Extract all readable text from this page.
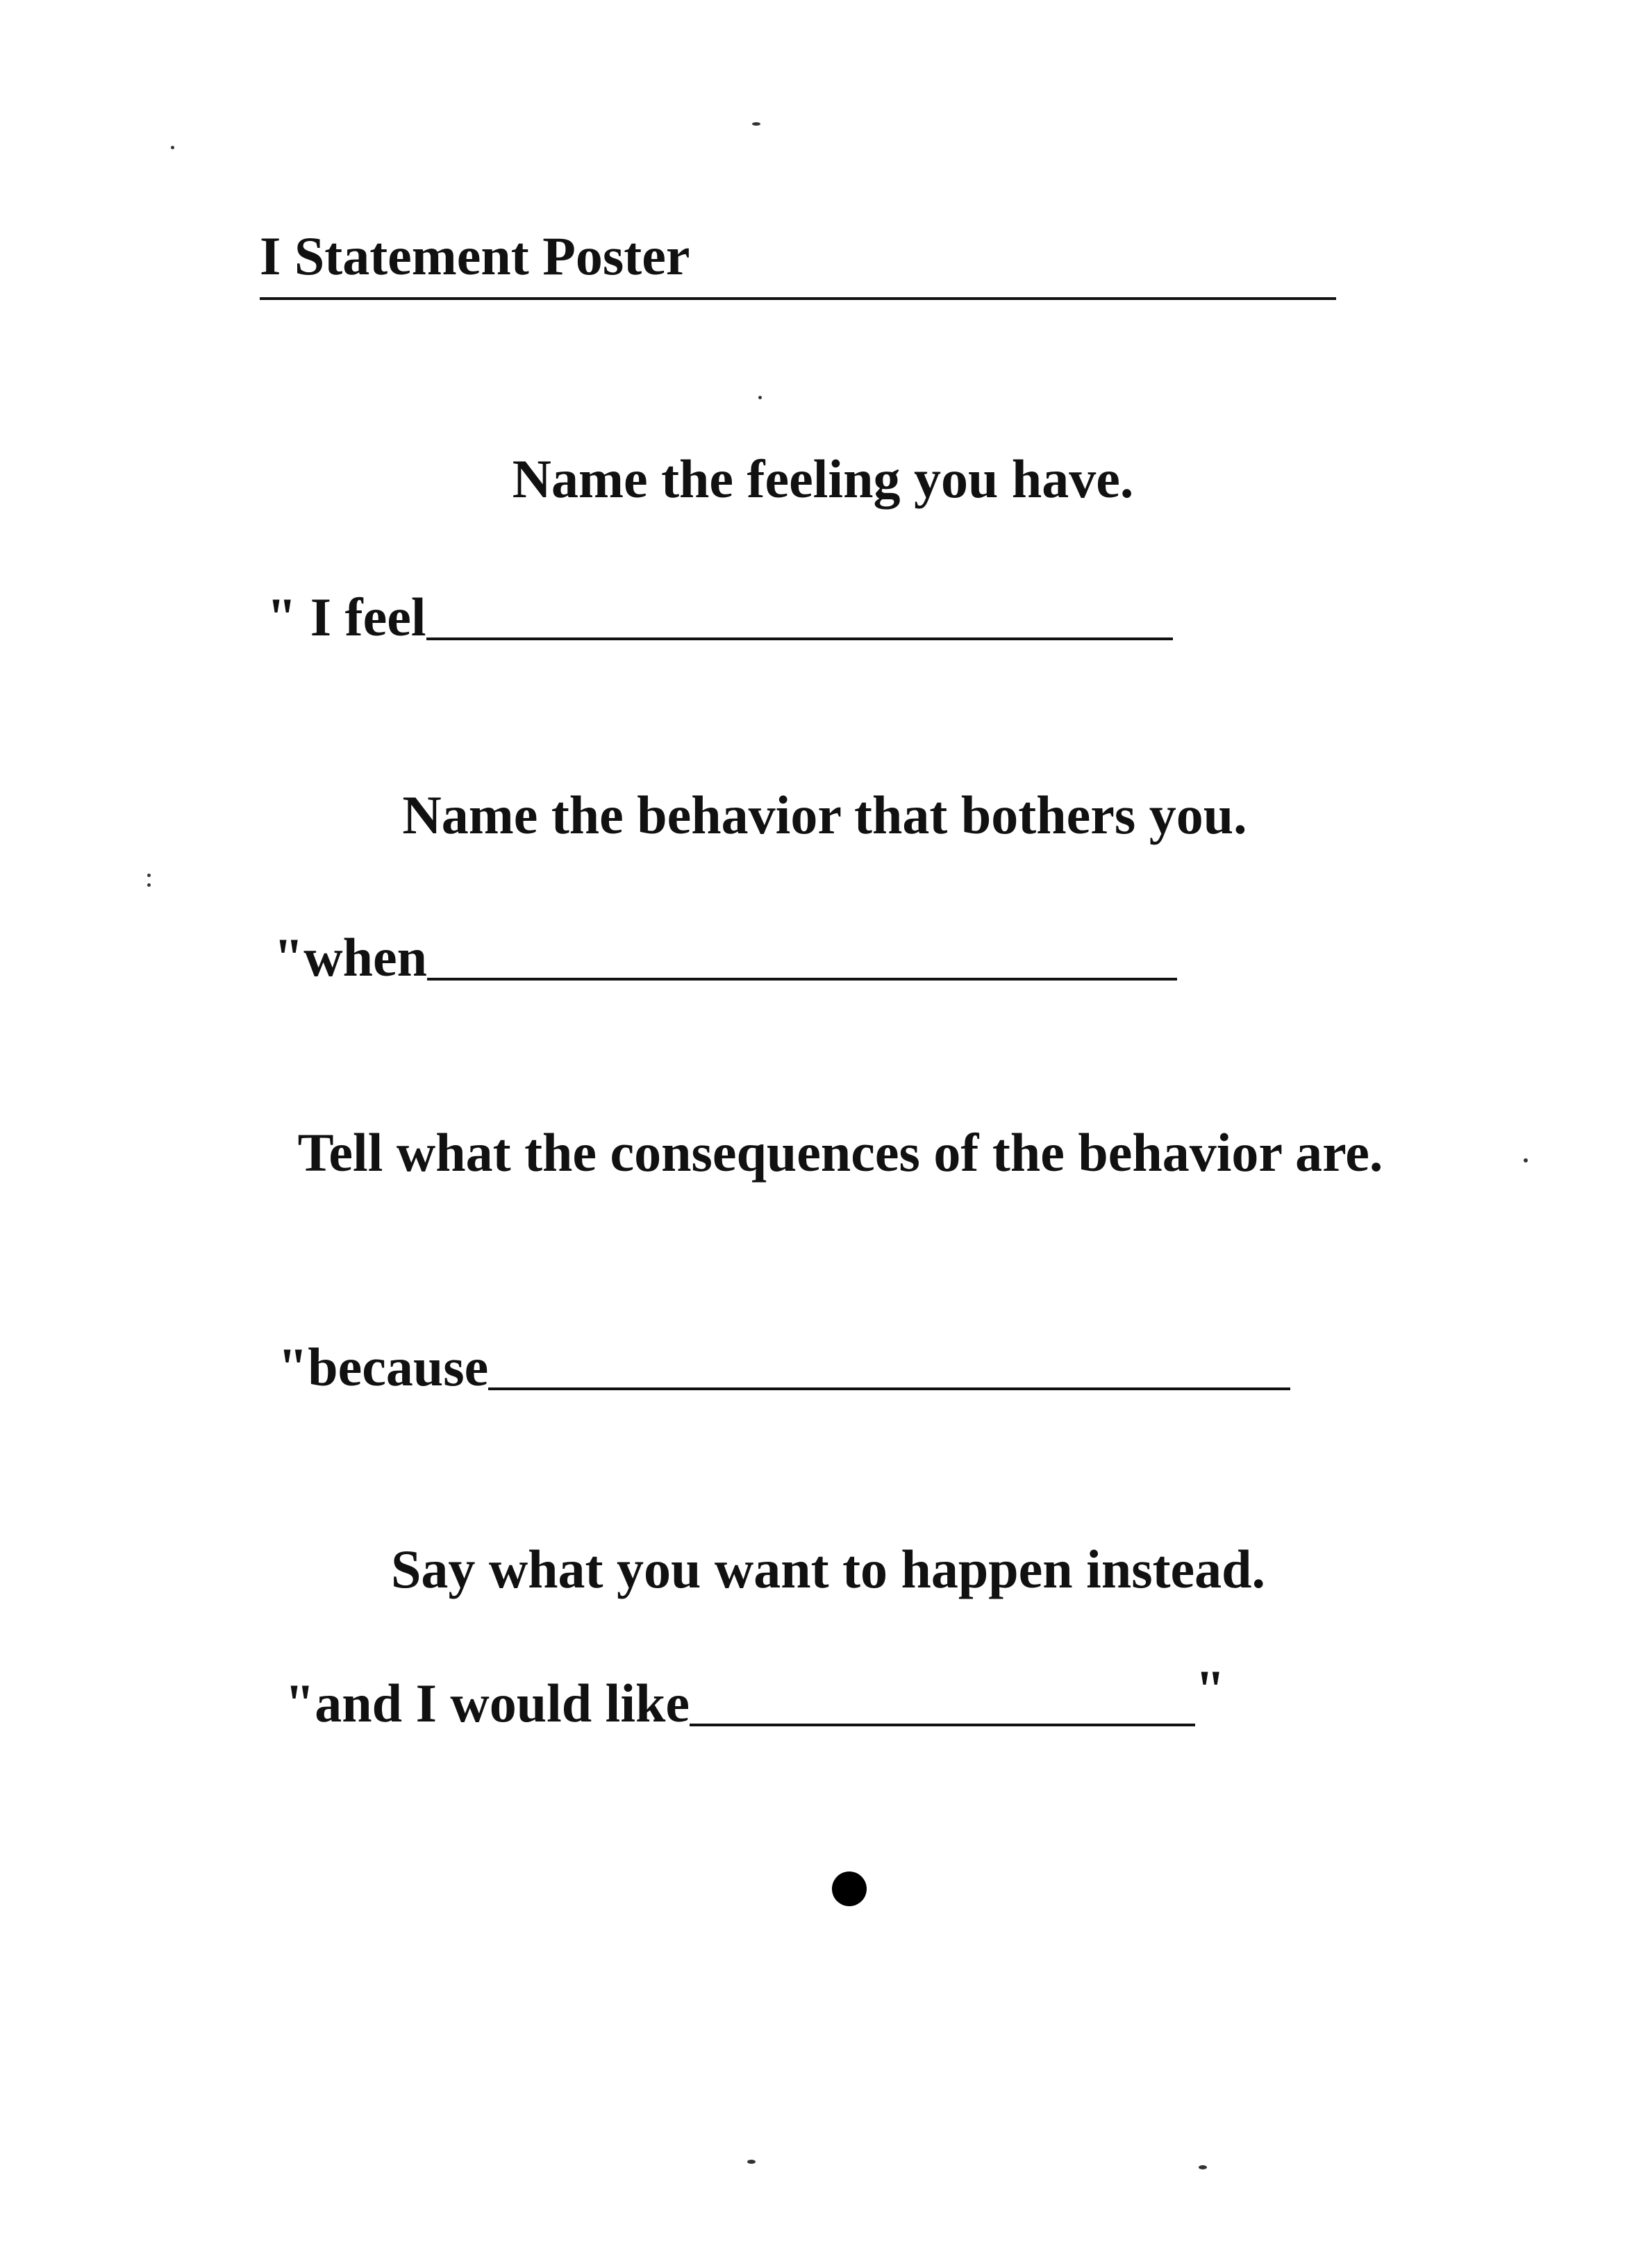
I Statement Poster
Name the feeling you have.
" I feel
Name the behavior that bothers you.
"when
Tell what the consequences of the behavior are.
"because
Say what you want to happen instead.
"and I would like	"
